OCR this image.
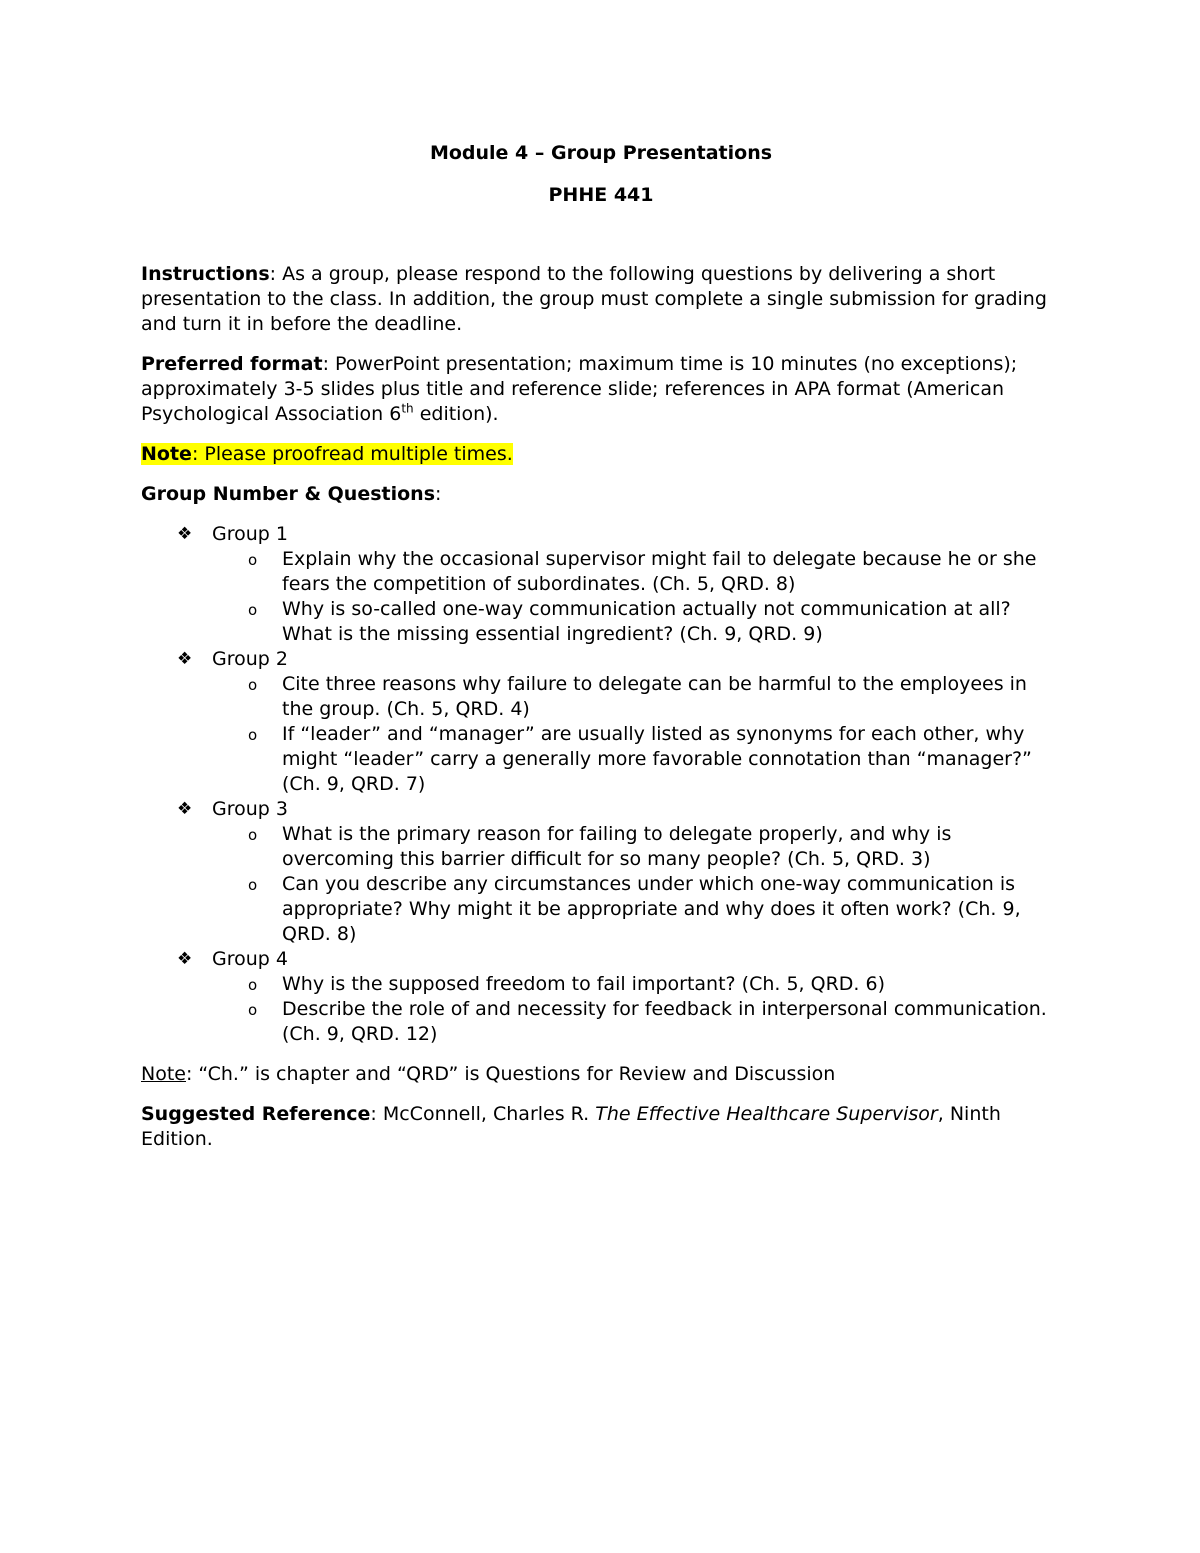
Module 4 – Group Presentations
PHHE 441

Instructions: As a group, please respond to the following questions by delivering a short presentation to the class. In addition, the group must complete a single submission for grading and turn it in before the deadline.

Preferred format: PowerPoint presentation; maximum time is 10 minutes (no exceptions); approximately 3-5 slides plus title and reference slide; references in APA format (American Psychological Association 6th edition).

Note: Please proofread multiple times.

Group Number & Questions:

❖ Group 1
o Explain why the occasional supervisor might fail to delegate because he or she fears the competition of subordinates. (Ch. 5, QRD. 8)
o Why is so-called one-way communication actually not communication at all? What is the missing essential ingredient? (Ch. 9, QRD. 9)
❖ Group 2
o Cite three reasons why failure to delegate can be harmful to the employees in the group. (Ch. 5, QRD. 4)
o If “leader” and “manager” are usually listed as synonyms for each other, why might “leader” carry a generally more favorable connotation than “manager?” (Ch. 9, QRD. 7)
❖ Group 3
o What is the primary reason for failing to delegate properly, and why is overcoming this barrier difficult for so many people? (Ch. 5, QRD. 3)
o Can you describe any circumstances under which one-way communication is appropriate? Why might it be appropriate and why does it often work? (Ch. 9, QRD. 8)
❖ Group 4
o Why is the supposed freedom to fail important? (Ch. 5, QRD. 6)
o Describe the role of and necessity for feedback in interpersonal communication. (Ch. 9, QRD. 12)

Note: “Ch.” is chapter and “QRD” is Questions for Review and Discussion

Suggested Reference: McConnell, Charles R. The Effective Healthcare Supervisor, Ninth Edition.
